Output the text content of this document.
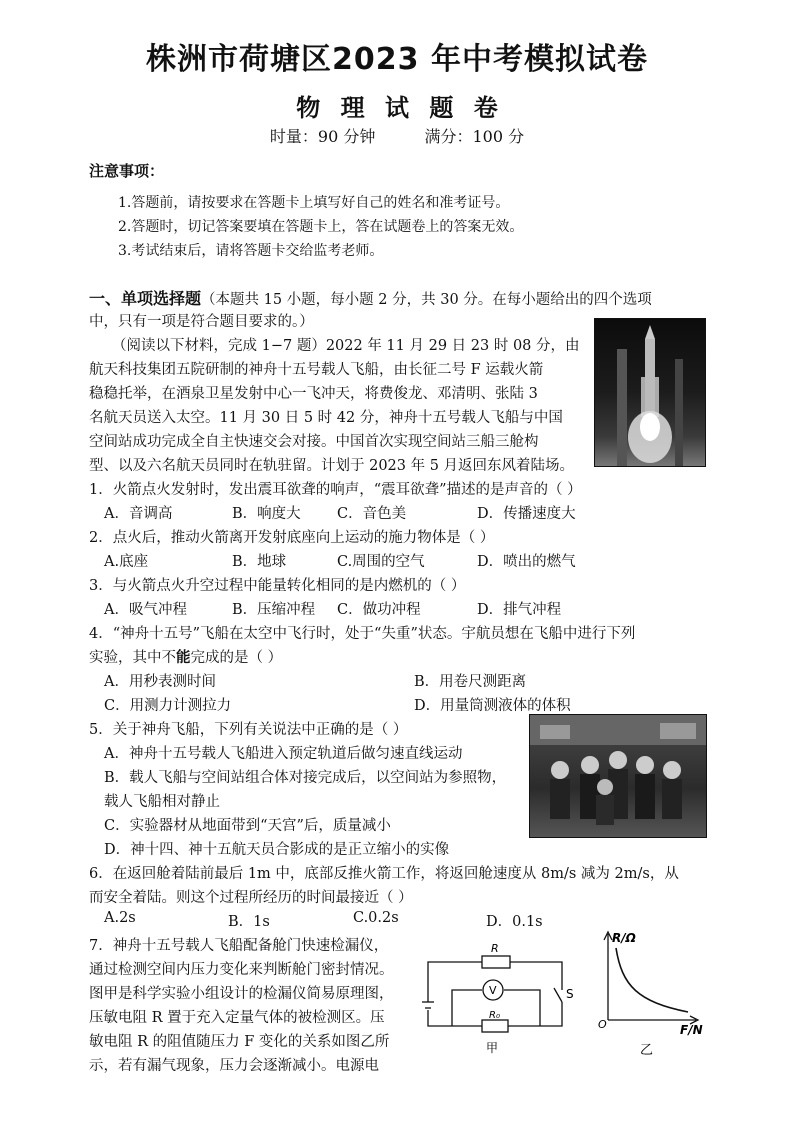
株洲市荷塘区2023 年中考模拟试卷
物 理 试 题 卷
时量：90 分钟	满分：100 分
注意事项：
1.答题前，请按要求在答题卡上填写好自己的姓名和准考证号。
2.答题时，切记答案要填在答题卡上，答在试题卷上的答案无效。
3.考试结束后，请将答题卡交给监考老师。
一、单项选择题（本题共 15 小题，每小题 2 分，共 30 分。在每小题给出的四个选项
中，只有一项是符合题目要求的。）
（阅读以下材料，完成 1−7 题）2022 年 11 月 29 日 23 时 08 分，由
航天科技集团五院研制的神舟十五号载人飞船，由长征二号 F 运载火箭
稳稳托举，在酒泉卫星发射中心一飞冲天，将费俊龙、邓清明、张陆 3
名航天员送入太空。11 月 30 日 5 时 42 分，神舟十五号载人飞船与中国
空间站成功完成全自主快速交会对接。中国首次实现空间站三船三舱构
型、以及六名航天员同时在轨驻留。计划于 2023 年 5 月返回东风着陆场。
1．火箭点火发射时，发出震耳欲聋的响声，“震耳欲聋”描述的是声音的（ ）
A．音调高	B．响度大	C．音色美	D．传播速度大
2．点火后，推动火箭离开发射底座向上运动的施力物体是（ ）
A.底座	B．地球	C.周围的空气	D．喷出的燃气
3．与火箭点火升空过程中能量转化相同的是内燃机的（ ）
A．吸气冲程	B．压缩冲程 C．做功冲程	D．排气冲程
4．“神舟十五号”飞船在太空中飞行时，处于“失重”状态。宇航员想在飞船中进行下列
实验，其中不能完成的是（ ）
A．用秒表测时间	B．用卷尺测距离
C．用测力计测拉力	D．用量筒测液体的体积
5．关于神舟飞船，下列有关说法中正确的是（ ）
A．神舟十五号载人飞船进入预定轨道后做匀速直线运动
B．载人飞船与空间站组合体对接完成后，以空间站为参照物，
载人飞船相对静止
C．实验器材从地面带到“天宫”后，质量减小
D．神十四、神十五航天员合影成的是正立缩小的实像
6．在返回舱着陆前最后 1m 中，底部反推火箭工作，将返回舱速度从 8m/s 减为 2m/s，从
而安全着陆。则这个过程所经历的时间最接近（ ）
A.2s	B．1s	C.0.2s	D．0.1s
7．神舟十五号载人飞船配备舱门快速检漏仪，
通过检测空间内压力变化来判断舱门密封情况。
图甲是科学实验小组设计的检漏仪简易原理图，
压敏电阻 R 置于充入定量气体的被检测区。压
敏电阻 R 的阻值随压力 F 变化的关系如图乙所
示，若有漏气现象，压力会逐渐减小。电源电
R
R₀
V	S
甲
R/Ω
O	F/N
乙
